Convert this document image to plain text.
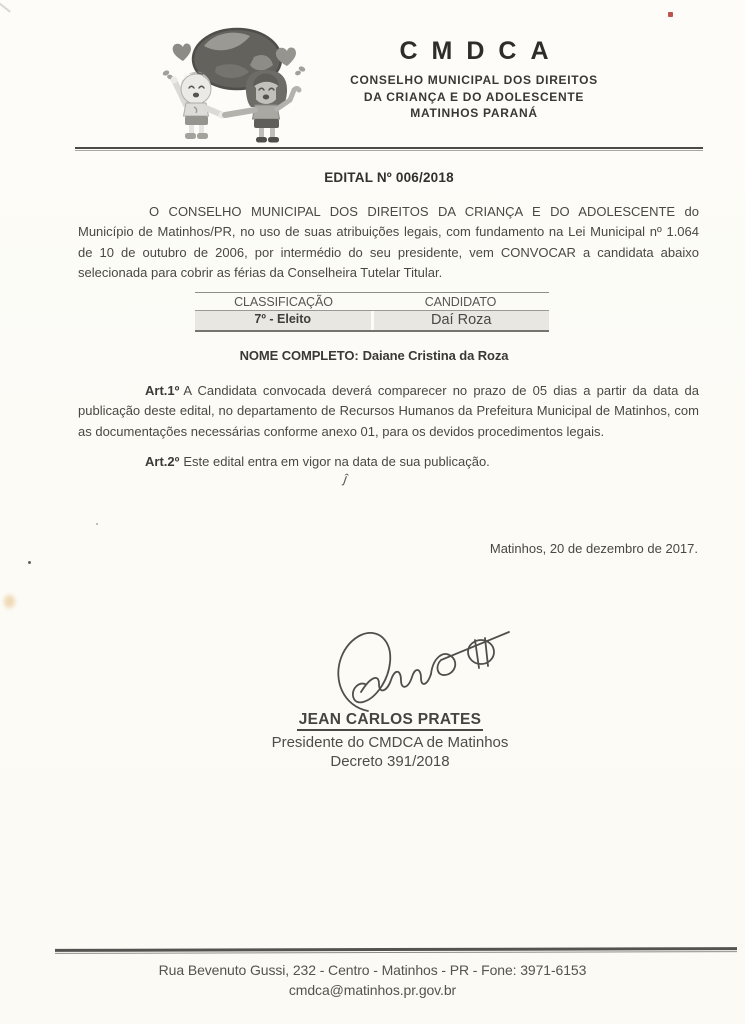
CMDCA
CONSELHO MUNICIPAL DOS DIREITOS
DA CRIANÇA E DO ADOLESCENTE
MATINHOS PARANÁ
EDITAL Nº 006/2018
O CONSELHO MUNICIPAL DOS DIREITOS DA CRIANÇA E DO ADOLESCENTE do Município de Matinhos/PR, no uso de suas atribuições legais, com fundamento na Lei Municipal nº 1.064 de 10 de outubro de 2006, por intermédio do seu presidente, vem CONVOCAR a candidata abaixo selecionada para cobrir as férias da Conselheira Tutelar Titular.
CLASSIFICAÇÃO	CANDIDATO
7º - Eleito	Daí Roza
NOME COMPLETO: Daiane Cristina da Roza
Art.1º A Candidata convocada deverá comparecer no prazo de 05 dias a partir da data da publicação deste edital, no departamento de Recursos Humanos da Prefeitura Municipal de Matinhos, com as documentações necessárias conforme anexo 01, para os devidos procedimentos legais.
Art.2º Este edital entra em vigor na data de sua publicação.
ĵ
Matinhos, 20 de dezembro de 2017.
JEAN CARLOS PRATES
Presidente do CMDCA de Matinhos
Decreto 391/2018
Rua Bevenuto Gussi, 232 - Centro - Matinhos - PR - Fone: 3971-6153
cmdca@matinhos.pr.gov.br
